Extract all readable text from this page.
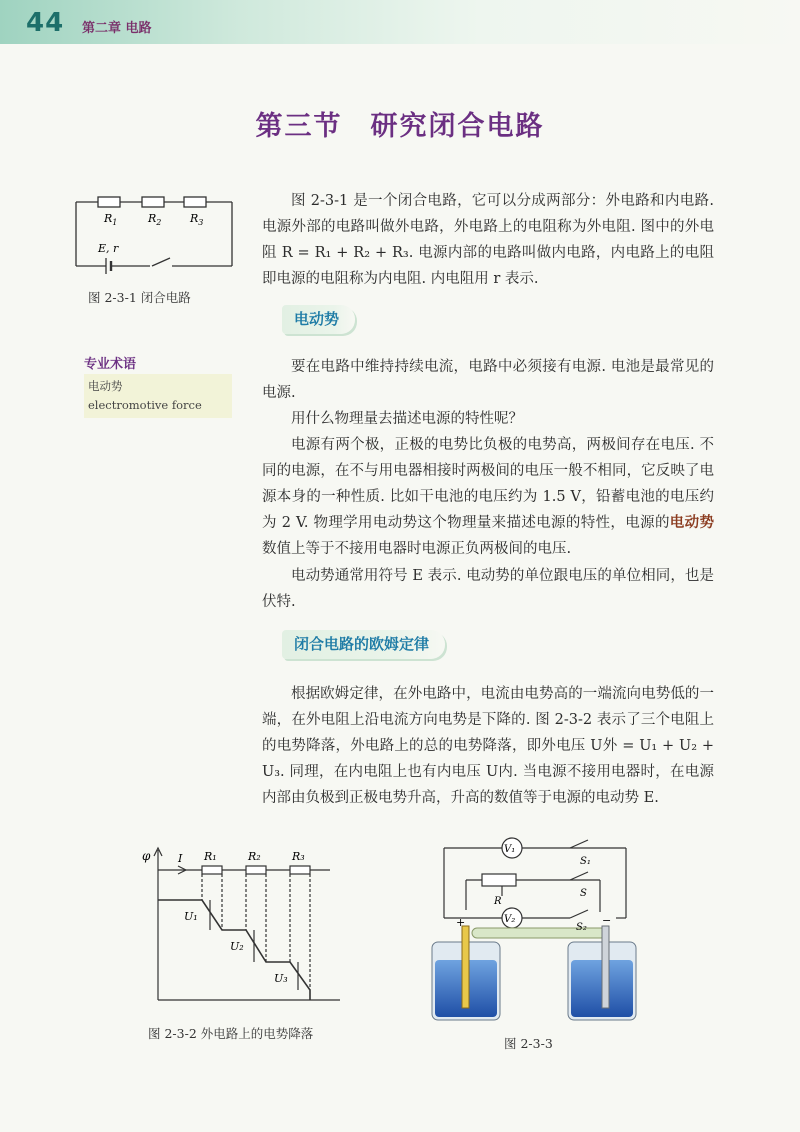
44 第二章 电路
第三节 研究闭合电路
$R_1$	$R_2$	$R_3$
E, r
图 2-3-1 闭合电路

图 2-3-1 是一个闭合电路，它可以分成两部分：外电路和内电路. 电源外部的电路叫做外电路，外电路上的电阻称为外电阻. 图中的外电阻 R = R₁ + R₂ + R₃. 电源内部的电路叫做内电路，内电路上的电阻即电源的电阻称为内电阻. 内电阻用 r 表示.

电动势
专业术语
电动势
electromotive force

要在电路中维持持续电流，电路中必须接有电源. 电池是最常见的电源.

用什么物理量去描述电源的特性呢？

电源有两个极，正极的电势比负极的电势高，两极间存在电压. 不同的电源，在不与用电器相接时两极间的电压一般不相同，它反映了电源本身的一种性质. 比如干电池的电压约为 1.5 V，铅蓄电池的电压约为 2 V. 物理学用电动势这个物理量来描述电源的特性，电源的电动势数值上等于不接用电器时电源正负两极间的电压.

电动势通常用符号 E 表示. 电动势的单位跟电压的单位相同，也是伏特.

闭合电路的欧姆定律

根据欧姆定律，在外电路中，电流由电势高的一端流向电势低的一端，在外电阻上沿电流方向电势是下降的. 图 2-3-2 表示了三个电阻上的电势降落，外电路上的总的电势降落，即外电压 U外 = U₁ + U₂ + U₃. 同理，在内电阻上也有内电压 U内. 当电源不接用电器时，在电源内部由负极到正极电势升高，升高的数值等于电源的电动势 E.

φ	I R₁	R₂	R₃
U₁
U₂
U₃
图 2-3-2 外电路上的电势降落
V₁
V₂
S₁
S
S₂
R
+	−
图 2-3-3
